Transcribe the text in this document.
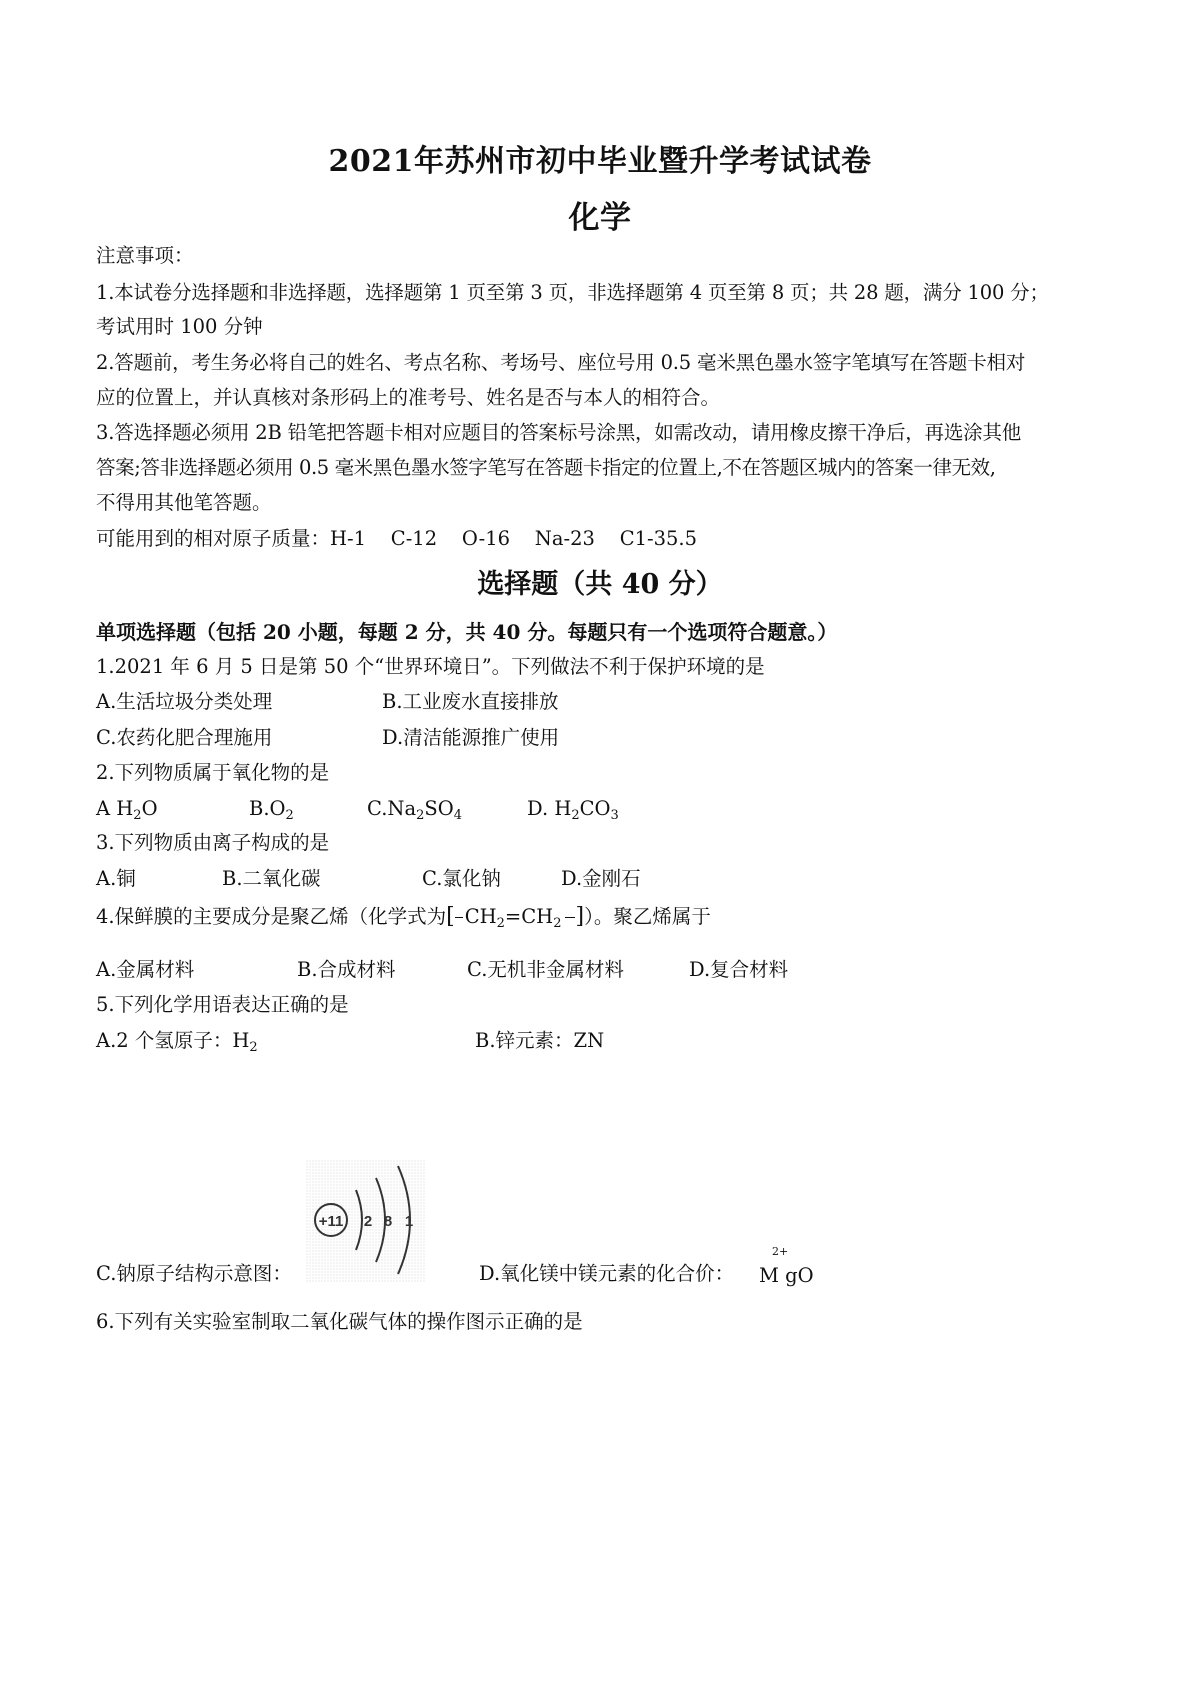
2021年苏州市初中毕业暨升学考试试卷
化学
注意事项：
1.本试卷分选择题和非选择题，选择题第 1 页至第 3 页，非选择题第 4 页至第 8 页；共 28 题，满分 100 分；
考试用时 100 分钟
2.答题前，考生务必将自己的姓名、考点名称、考场号、座位号用 0.5 毫米黑色墨水签字笔填写在答题卡相对
应的位置上，并认真核对条形码上的准考号、姓名是否与本人的相符合。
3.答选择题必须用 2B 铅笔把答题卡相对应题目的答案标号涂黑，如需改动，请用橡皮擦干净后，再选涂其他
答案;答非选择题必须用 0.5 毫米黑色墨水签字笔写在答题卡指定的位置上,不在答题区城内的答案一律无效,
不得用其他笔答题。
可能用到的相对原子质量：H-1    C-12    O-16    Na-23    C1-35.5
选择题（共 40 分）
单项选择题（包括 20 小题，每题 2 分，共 40 分。每题只有一个选项符合题意。）
1.2021 年 6 月 5 日是第 50 个“世界环境日”。下列做法不利于保护环境的是
A.生活垃圾分类处理	B.工业废水直接排放
C.农药化肥合理施用	D.清洁能源推广使用
2.下列物质属于氧化物的是
A $H_2O$	$B.O_2$	$C.Na_2SO_4$	D. $H_2CO_3$
3.下列物质由离子构成的是
A.铜	B.二氧化碳	C.氯化钠	D.金刚石
4.保鲜膜的主要成分是聚乙烯（化学式为[ $CH_2=CH_2$ ]）。聚乙烯属于
A.金属材料	B.合成材料	C.无机非金属材料	D.复合材料
5.下列化学用语表达正确的是
A.2 个氢原子：$H_2$	B.锌元素：ZN
+11 2 8 1
C.钠原子结构示意图：	D.氧化镁中镁元素的化合价：
2+
M gO
6.下列有关实验室制取二氧化碳气体的操作图示正确的是
